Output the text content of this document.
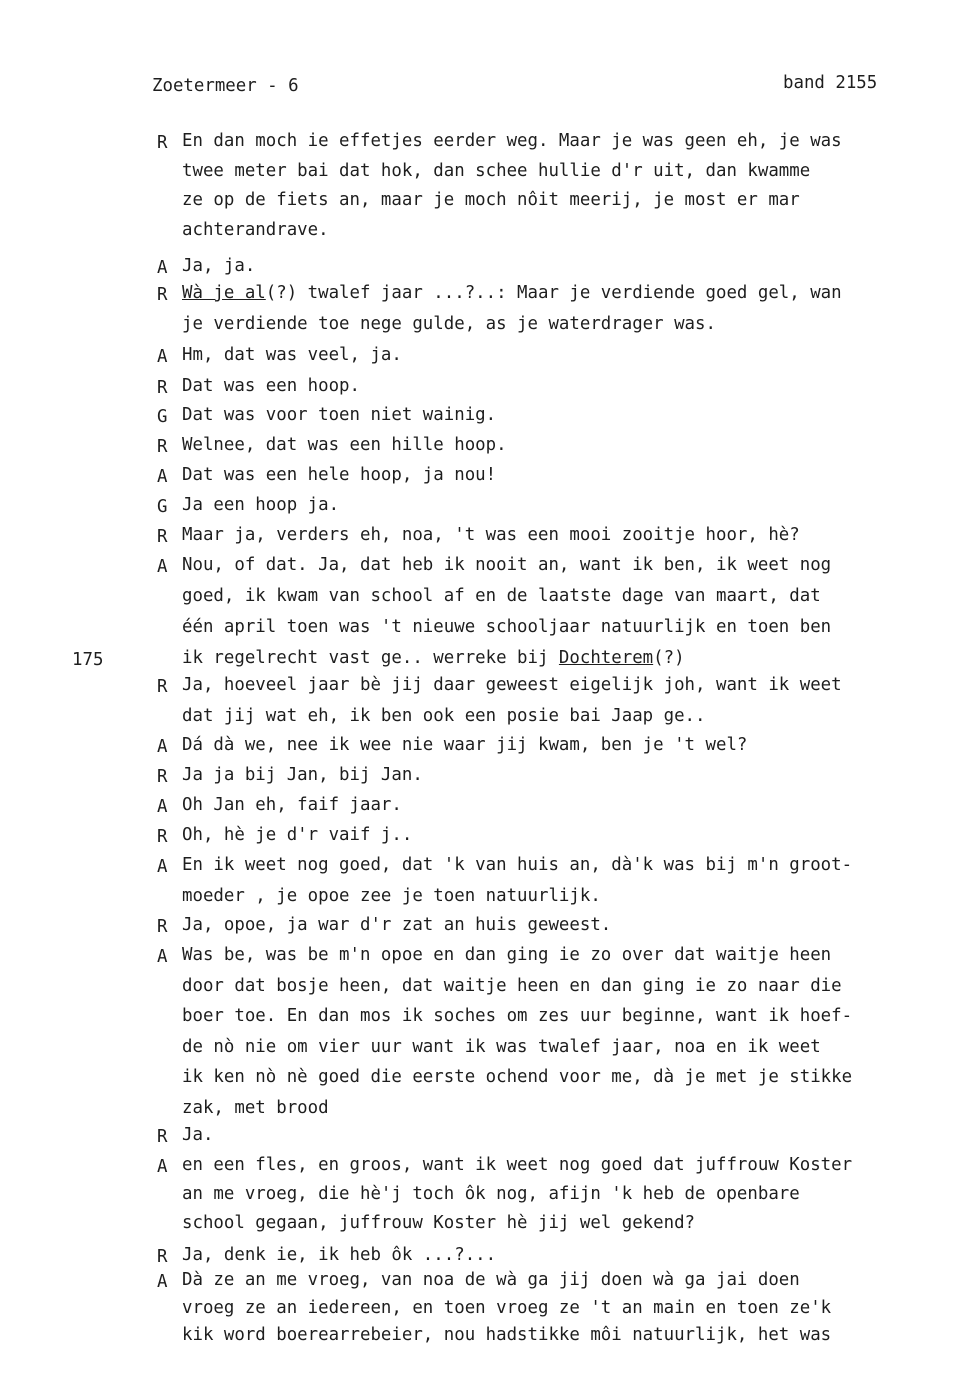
Zoetermeer - 6	band 2155
175
R En dan moch ie effetjes eerder weg. Maar je was geen eh, je was
twee meter bai dat hok, dan schee hullie d'r uit, dan kwamme
ze op de fiets an, maar je moch nôit meerij, je most er mar
achterandrave.
A Ja, ja.
R Wà je al(?) twalef jaar ...?..: Maar je verdiende goed gel, wan
je verdiende toe nege gulde, as je waterdrager was.
A Hm, dat was veel, ja.
R Dat was een hoop.
G Dat was voor toen niet wainig.
R Welnee, dat was een hille hoop.
A Dat was een hele hoop, ja nou!
G Ja een hoop ja.
R Maar ja, verders eh, noa, 't was een mooi zooitje hoor, hè?
A Nou, of dat. Ja, dat heb ik nooit an, want ik ben, ik weet nog
goed, ik kwam van school af en de laatste dage van maart, dat
één april toen was 't nieuwe schooljaar natuurlijk en toen ben
ik regelrecht vast ge.. werreke bij Dochterem(?)
R Ja, hoeveel jaar bè jij daar geweest eigelijk joh, want ik weet
dat jij wat eh, ik ben ook een posie bai Jaap ge..
A Dá dà we, nee ik wee nie waar jij kwam, ben je 't wel?
R Ja ja bij Jan, bij Jan.
A Oh Jan eh, faif jaar.
R Oh, hè je d'r vaif j..
A En ik weet nog goed, dat 'k van huis an, dà'k was bij m'n groot-
moeder , je opoe zee je toen natuurlijk.
R Ja, opoe, ja war d'r zat an huis geweest.
A Was be, was be m'n opoe en dan ging ie zo over dat waitje heen
door dat bosje heen, dat waitje heen en dan ging ie zo naar die
boer toe. En dan mos ik soches om zes uur beginne, want ik hoef-
de nò nie om vier uur want ik was twalef jaar, noa en ik weet
ik ken nò nè goed die eerste ochend voor me, dà je met je stikke
zak, met brood
R Ja.
A en een fles, en groos, want ik weet nog goed dat juffrouw Koster
an me vroeg, die hè'j toch ôk nog, afijn 'k heb de openbare
school gegaan, juffrouw Koster hè jij wel gekend?
R Ja, denk ie, ik heb ôk ...?...
A Dà ze an me vroeg, van noa de wà ga jij doen wà ga jai doen
vroeg ze an iedereen, en toen vroeg ze 't an main en toen ze'k
kik word boerearrebeier, nou hadstikke môi natuurlijk, het was
